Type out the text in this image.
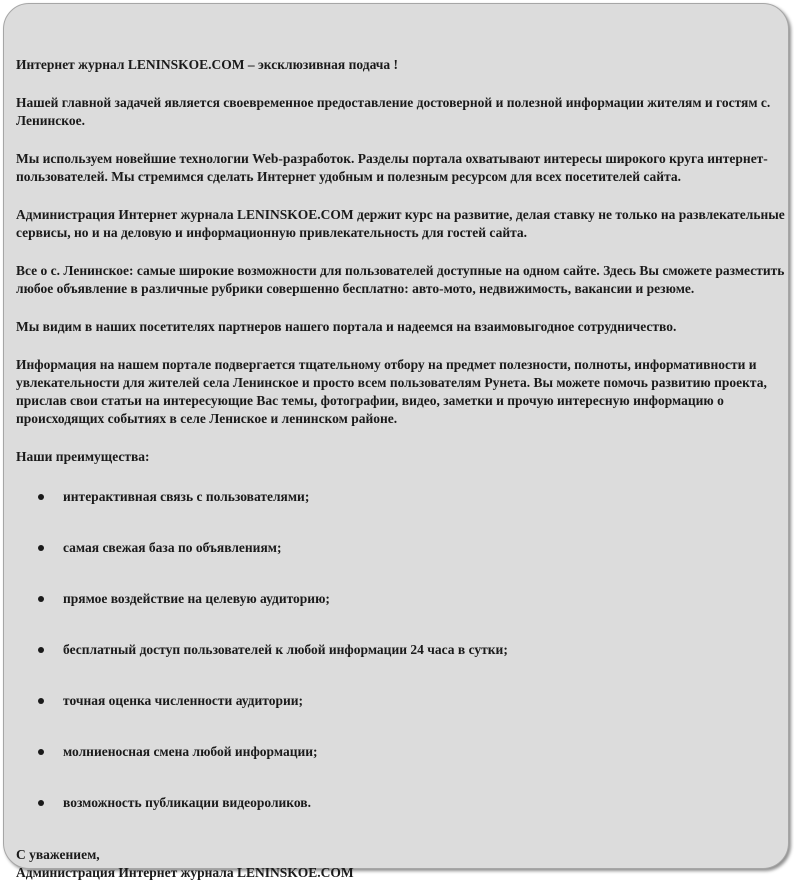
Интернет журнал LENINSKOE.COM – эксклюзивная подача !

Нашей главной задачей является своевременное предоставление достоверной и полезной информации жителям и гостям с. Ленинское.

Мы используем новейшие технологии Web-разработок. Разделы портала охватывают интересы широкого круга интернет-пользователей. Мы стремимся сделать Интернет удобным и полезным ресурсом для всех посетителей сайта.

Администрация Интернет журнала LENINSKOE.COM держит курс на развитие, делая ставку не только на развлекательные сервисы, но и на деловую и информационную привлекательность для гостей сайта.

Все о с. Ленинское: самые широкие возможности для пользователей доступные на одном сайте. Здесь Вы сможете разместить любое объявление в различные рубрики совершенно бесплатно: авто-мото, недвижимость, вакансии и резюме.

Мы видим в наших посетителях партнеров нашего портала и надеемся на взаимовыгодное сотрудничество.

Информация на нашем портале подвергается тщательному отбору на предмет полезности, полноты, информативности и увлекательности для жителей села Ленинское и просто всем пользователям Рунета. Вы можете помочь развитию проекта, прислав свои статьи на интересующие Вас темы, фотографии, видео, заметки и прочую интересную информацию о происходящих событиях в селе Лениское и ленинском районе.

Наши преимущества:

интерактивная связь с пользователями;
самая свежая база по объявлениям;
прямое воздействие на целевую аудиторию;
бесплатный доступ пользователей к любой информации 24 часа в сутки;
точная оценка численности аудитории;
молниеносная смена любой информации;
возможность публикации видеороликов.

С уважением,

Администрация Интернет журнала LENINSKOE.COM
